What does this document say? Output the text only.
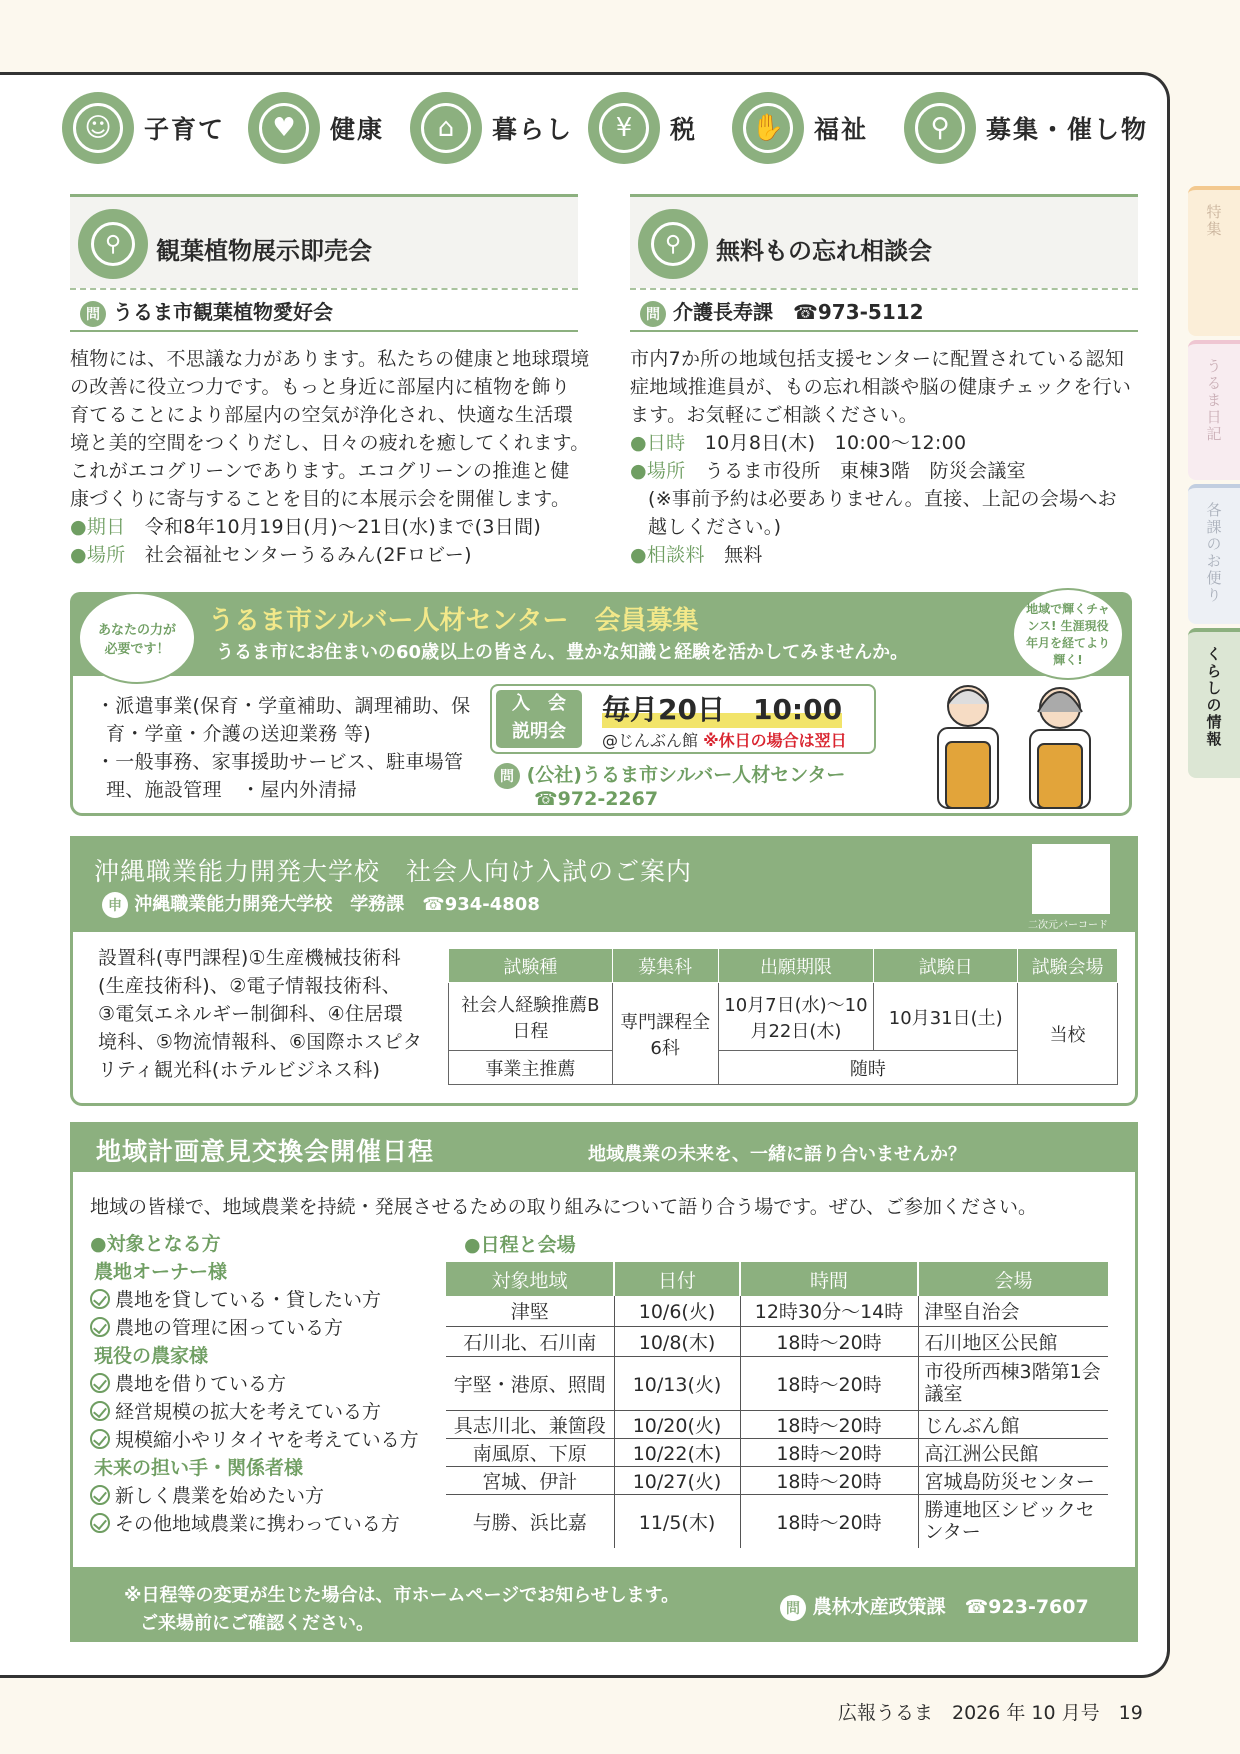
特集
うるま日記
各課のお便り
くらしの情報
☺	子育て	♥	健康	⌂	暮らし	¥	税	✋	福祉	⚲	募集・催し物
⚲	観葉植物展示即売会
問 うるま市観葉植物愛好会
植物には、不思議な力があります。私たちの健康と地球環境
の改善に役立つ力です。もっと身近に部屋内に植物を飾り
育てることにより部屋内の空気が浄化され、快適な生活環
境と美的空間をつくりだし、日々の疲れを癒してくれます。
これがエコグリーンであります。エコグリーンの推進と健
康づくりに寄与することを目的に本展示会を開催します。
●期日　 令和8年10月19日(月)～21日(水)まで(3日間)
●場所　 社会福祉センターうるみん(2Fロビー)
⚲	無料もの忘れ相談会
問 介護長寿課　☎973-5112
市内7か所の地域包括支援センターに配置されている認知
症地域推進員が、もの忘れ相談や脳の健康チェックを行い
ます。お気軽にご相談ください。
●日時　 10月8日(木)　10:00～12:00
●場所　 うるま市役所　東棟3階　防災会議室
(※事前予約は必要ありません。直接、上記の会場へお
越しください。)
●相談料　 無料
あなたの力が必要です！
うるま市シルバー人材センター　会員募集
うるま市にお住まいの60歳以上の皆さん、豊かな知識と経験を活かしてみませんか。
地域で輝くチャンス! 生涯現役年月を経てより輝く!
・派遣事業(保育・学童補助、調理補助、保
育・学童・介護の送迎業務 等)
・一般事務、家事援助サービス、駐車場管
理、施設管理　・屋内外清掃
入　会
説明会
毎月20日　10:00
@じんぶん館 ※休日の場合は翌日
問 (公社)うるま市シルバー人材センター
☎972-2267
沖縄職業能力開発大学校　社会人向け入試のご案内
申 沖縄職業能力開発大学校　学務課　☎934-4808
二次元バーコード
設置科(専門課程)①生産機械技術科
(生産技術科)、②電子情報技術科、
③電気エネルギー制御科、④住居環
境科、⑤物流情報科、⑥国際ホスピタ
リティ観光科(ホテルビジネス科)
試験種	募集科	出願期限	試験日	試験会場
社会人経験推薦B日程	専門課程全6科	10月7日(水)～10月22日(木)	10月31日(土)	当校
事業主推薦		随時		
地域計画意見交換会開催日程	地域農業の未来を、一緒に語り合いませんか？
地域の皆様で、地域農業を持続・発展させるための取り組みについて語り合う場です。ぜひ、ご参加ください。
●対象となる方
農地オーナー様
農地を貸している・貸したい方
農地の管理に困っている方
現役の農家様
農地を借りている方
経営規模の拡大を考えている方
規模縮小やリタイヤを考えている方
未来の担い手・関係者様
新しく農業を始めたい方
その他地域農業に携わっている方
●日程と会場
対象地域	日付	時間	会場
津堅	10/6(火)	12時30分～14時	津堅自治会
石川北、石川南	10/8(木)	18時～20時	石川地区公民館
宇堅・港原、照間	10/13(火)	18時～20時	市役所西棟3階第1会議室
具志川北、兼箇段	10/20(火)	18時～20時	じんぶん館
南風原、下原	10/22(木)	18時～20時	高江洲公民館
宮城、伊計	10/27(火)	18時～20時	宮城島防災センター
与勝、浜比嘉	11/5(木)	18時～20時	勝連地区シビックセンター
※日程等の変更が生じた場合は、市ホームページでお知らせします。
ご来場前にご確認ください。
問 農林水産政策課　☎923-7607
広報うるま　2026 年 10 月号　19
